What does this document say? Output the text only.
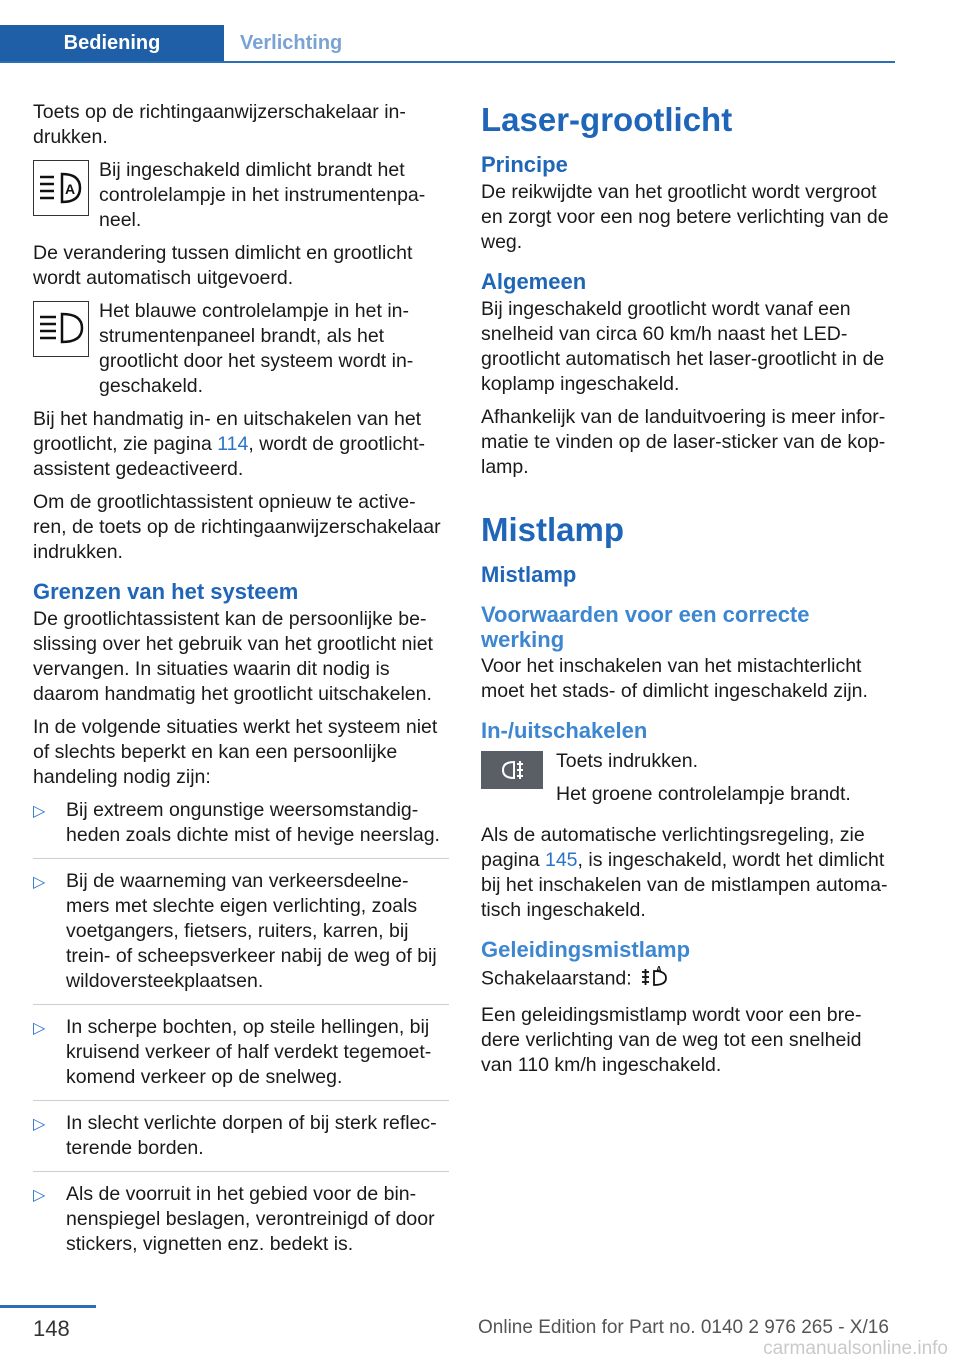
Bediening	Verlichting

Toets op de richtingaanwijzerschakelaar in-drukken.

A
Bij ingeschakeld dimlicht brandt het controlelampje in het instrumentenpa-neel.

De verandering tussen dimlicht en grootlicht wordt automatisch uitgevoerd.

Het blauwe controlelampje in het in-strumentenpaneel brandt, als het grootlicht door het systeem wordt in-geschakeld.

Bij het handmatig in- en uitschakelen van het grootlicht, zie pagina 114, wordt de grootlicht-assistent gedeactiveerd.

Om de grootlichtassistent opnieuw te active-ren, de toets op de richtingaanwijzerschakelaar indrukken.

Grenzen van het systeem

De grootlichtassistent kan de persoonlijke be-slissing over het gebruik van het grootlicht niet vervangen. In situaties waarin dit nodig is daarom handmatig het grootlicht uitschakelen.

In de volgende situaties werkt het systeem niet of slechts beperkt en kan een persoonlijke handeling nodig zijn:

▷ Bij extreem ongunstige weersomstandig-heden zoals dichte mist of hevige neerslag.
▷ Bij de waarneming van verkeersdeelne-mers met slechte eigen verlichting, zoals voetgangers, fietsers, ruiters, karren, bij trein- of scheepsverkeer nabij de weg of bij wildoversteekplaatsen.
▷ In scherpe bochten, op steile hellingen, bij kruisend verkeer of half verdekt tegemoet-komend verkeer op de snelweg.
▷ In slecht verlichte dorpen of bij sterk reflec-terende borden.
▷ Als de voorruit in het gebied voor de bin-nenspiegel beslagen, verontreinigd of door stickers, vignetten enz. bedekt is.
Laser-grootlicht
Principe

De reikwijdte van het grootlicht wordt vergroot en zorgt voor een nog betere verlichting van de weg.

Algemeen

Bij ingeschakeld grootlicht wordt vanaf een snelheid van circa 60 km/h naast het LED-grootlicht automatisch het laser-grootlicht in de koplamp ingeschakeld.

Afhankelijk van de landuitvoering is meer infor-matie te vinden op de laser-sticker van de kop-lamp.

Mistlamp
Mistlamp
Voorwaarden voor een correcte werking

Voor het inschakelen van het mistachterlicht moet het stads- of dimlicht ingeschakeld zijn.

In-/uitschakelen

Toets indrukken.

Het groene controlelampje brandt.

Als de automatische verlichtingsregeling, zie pagina 145, is ingeschakeld, wordt het dimlicht bij het inschakelen van de mistlampen automa-tisch ingeschakeld.

Geleidingsmistlamp

Schakelaarstand:	A

Een geleidingsmistlamp wordt voor een bre-dere verlichting van de weg tot een snelheid van 110 km/h ingeschakeld.

148	Online Edition for Part no. 0140 2 976 265 - X/16
carmanualsonline.info
